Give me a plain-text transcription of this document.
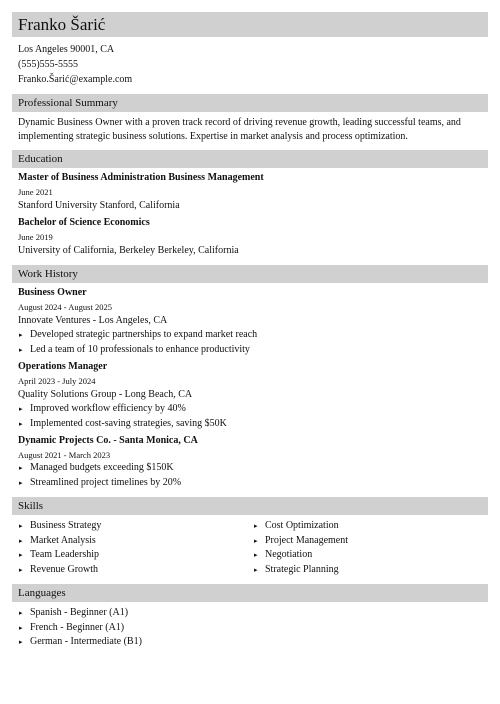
Franko Šarić
Los Angeles 90001, CA
(555)555-5555
Franko.Šarić@example.com
Professional Summary
Dynamic Business Owner with a proven track record of driving revenue growth, leading successful teams, and implementing strategic business solutions. Expertise in market analysis and process optimization.
Education
Master of Business Administration Business Management
June 2021
Stanford University Stanford, California
Bachelor of Science Economics
June 2019
University of California, Berkeley Berkeley, California
Work History
Business Owner
August 2024 - August 2025
Innovate Ventures - Los Angeles, CA
▸ Developed strategic partnerships to expand market reach
▸ Led a team of 10 professionals to enhance productivity
Operations Manager
April 2023 - July 2024
Quality Solutions Group - Long Beach, CA
▸ Improved workflow efficiency by 40%
▸ Implemented cost-saving strategies, saving $50K
Dynamic Projects Co. - Santa Monica, CA
August 2021 - March 2023
▸ Managed budgets exceeding $150K
▸ Streamlined project timelines by 20%
Skills
▸ Business Strategy
▸ Market Analysis
▸ Team Leadership
▸ Revenue Growth
▸ Cost Optimization
▸ Project Management
▸ Negotiation
▸ Strategic Planning
Languages
▸ Spanish - Beginner (A1)
▸ French - Beginner (A1)
▸ German - Intermediate (B1)
